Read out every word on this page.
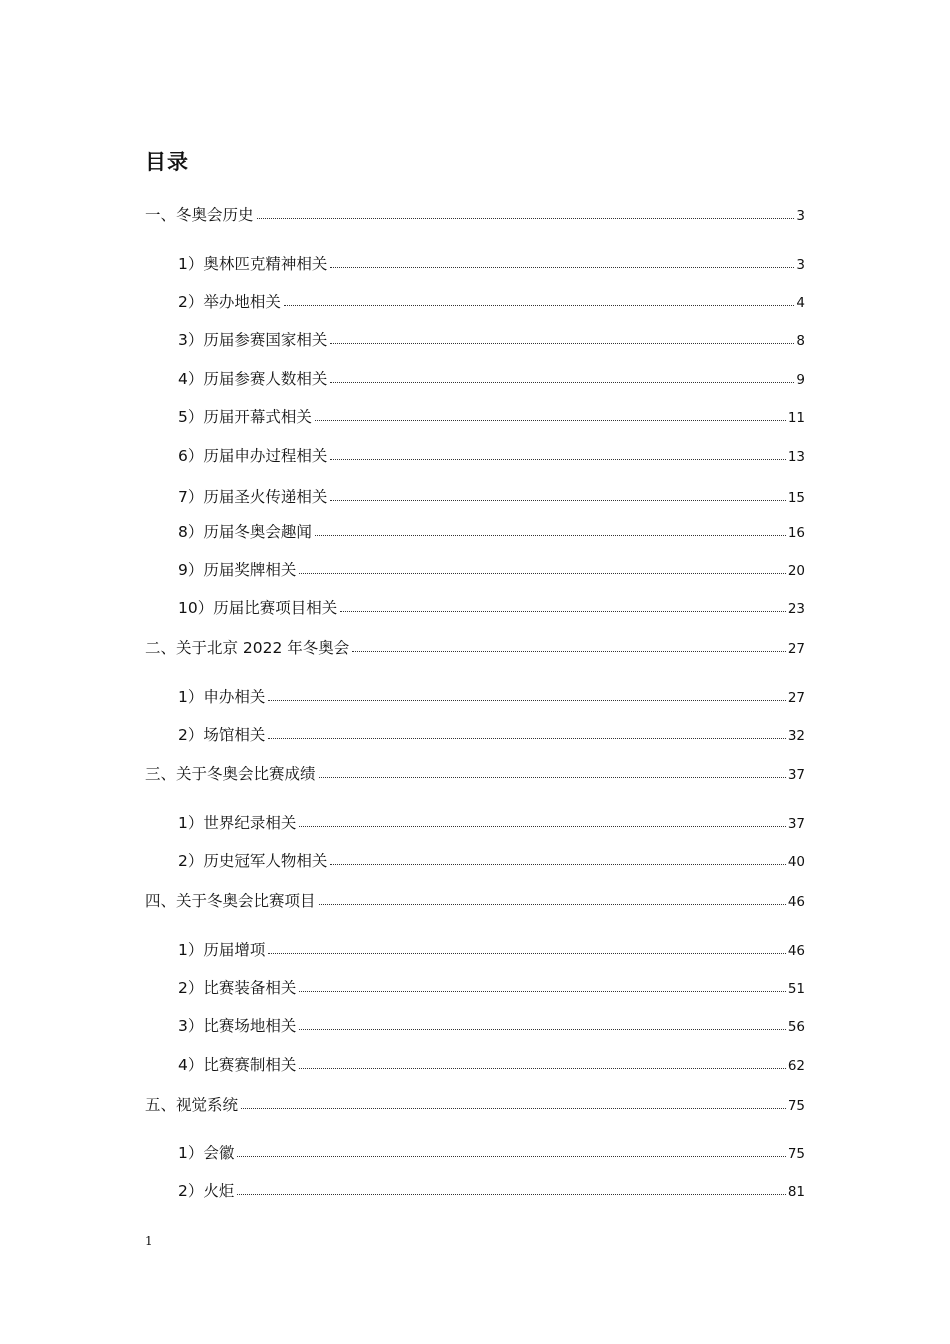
目录
一、冬奥会历史	3
1）奥林匹克精神相关	3
2）举办地相关	4
3）历届参赛国家相关	8
4）历届参赛人数相关	9
5）历届开幕式相关	11
6）历届申办过程相关	13
7）历届圣火传递相关	15
8）历届冬奥会趣闻	16
9）历届奖牌相关	20
10）历届比赛项目相关	23
二、关于北京 2022 年冬奥会	27
1）申办相关	27
2）场馆相关	32
三、关于冬奥会比赛成绩	37
1）世界纪录相关	37
2）历史冠军人物相关	40
四、关于冬奥会比赛项目	46
1）历届增项	46
2）比赛装备相关	51
3）比赛场地相关	56
4）比赛赛制相关	62
五、视觉系统	75
1）会徽	75
2）火炬	81
1
